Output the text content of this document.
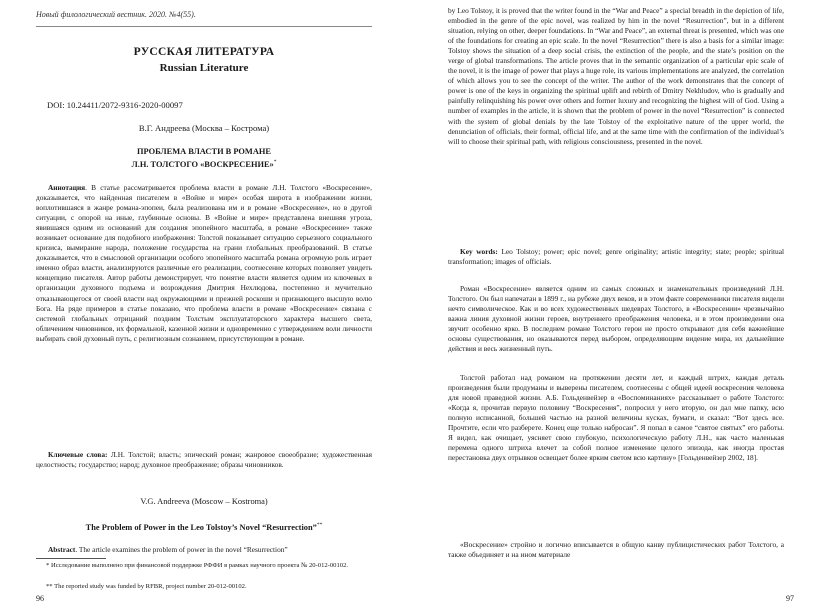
Новый филологический вестник. 2020. №4(55).
РУССКАЯ ЛИТЕРАТУРА
Russian Literature
DOI: 10.24411/2072-9316-2020-00097
В.Г. Андреева (Москва – Кострома)
ПРОБЛЕМА ВЛАСТИ В РОМАНЕ
Л.Н. ТОЛСТОГО «ВОСКРЕСЕНИЕ»*

Аннотация. В статье рассматривается проблема власти в романе Л.Н. Толстого «Воскресение», доказывается, что найденная писателем в «Войне и мире» особая широта в изображении жизни, воплотившаяся в жанре романа-эпопеи, была реализована им и в романе «Воскресение», но в другой ситуации, с опорой на иные, глубинные основы. В «Войне и мире» представлена внешняя угроза, явившаяся одним из оснований для создания эпопейного масштаба, в романе «Воскресение» также возникает основание для подобного изображения: Толстой показывает ситуацию серьезного социального кризиса, вымирание народа, положение государства на грани глобальных преобразований. В статье доказывается, что в смысловой организации особого эпопейного масштаба романа огромную роль играет именно образ власти, анализируются различные его реализации, соотнесение которых позволяет увидеть концепцию писателя. Автор работы демонстрирует, что понятие власти является одним из ключевых в организации духовного подъема и возрождения Дмитрия Нехлюдова, постепенно и мучительно отказывающегося от своей власти над окружающими и прежней роскоши и признающего высшую волю Бога. На ряде примеров в статье показано, что проблема власти в романе «Воскресение» связана с системой глобальных отрицаний поздним Толстым эксплуататорского характера высшего света, обличением чиновников, их формальной, казенной жизни и одновременно с утверждением воли личности выбирать свой духовный путь, с религиозным сознанием, присутствующим в романе.

Ключевые слова: Л.Н. Толстой; власть; эпический роман; жанровое своеобразие; художественная целостность; государство; народ; духовное преображение; образы чиновников.

V.G. Andreeva (Moscow – Kostroma)
The Problem of Power in the Leo Tolstoy’s Novel “Resurrection”**

Abstract. The article examines the problem of power in the novel “Resurrection”

* Исследование выполнено при финансовой поддержке РФФИ в рамках научного проекта № 20-012-00102.

** The reported study was funded by RFBR, project number 20-012-00102.

96

by Leo Tolstoy, it is proved that the writer found in the “War and Peace” a special breadth in the depiction of life, embodied in the genre of the epic novel, was realized by him in the novel “Resurrection”, but in a different situation, relying on other, deeper foundations. In “War and Peace”, an external threat is presented, which was one of the foundations for creating an epic scale. In the novel “Resurrection” there is also a basis for a similar image: Tolstoy shows the situation of a deep social crisis, the extinction of the people, and the state’s position on the verge of global transformations. The article proves that in the semantic organization of a particular epic scale of the novel, it is the image of power that plays a huge role, its various implementations are analyzed, the correlation of which allows you to see the concept of the writer. The author of the work demonstrates that the concept of power is one of the keys in organizing the spiritual uplift and rebirth of Dmitry Nekhludov, who is gradually and painfully relinquishing his power over others and former luxury and recognizing the highest will of God. Using a number of examples in the article, it is shown that the problem of power in the novel “Resurrection” is connected with the system of global denials by the late Tolstoy of the exploitative nature of the upper world, the denunciation of officials, their formal, official life, and at the same time with the confirmation of the individual’s will to choose their spiritual path, with religious consciousness, presented in the novel.

Key words: Leo Tolstoy; power; epic novel; genre originality; artistic integrity; state; people; spiritual transformation; images of officials.

Роман «Воскресение» является одним из самых сложных и знаменательных произведений Л.Н. Толстого. Он был напечатан в 1899 г., на рубеже двух веков, и в этом факте современники писателя видели нечто символическое. Как и во всех художественных шедеврах Толстого, в «Воскресении» чрезвычайно важна линия духовной жизни героев, внутреннего преображения человека, и в этом произведении она звучит особенно ярко. В последнем романе Толстого герои не просто открывают для себя важнейшие основы существования, но оказываются перед выбором, определяющим видение мира, их дальнейшие действия и весь жизненный путь.

Толстой работал над романом на протяжении десяти лет, и каждый штрих, каждая деталь произведения были продуманы и выверены писателем, соотнесены с общей идеей воскресения человека для новой праведной жизни. А.Б. Гольденвейзер в «Воспоминаниях» рассказывает о работе Толстого: «Когда я, прочитав первую половину “Воскресения”, попросил у него вторую, он дал мне папку, всю полную исписанной, большей частью на разной величины кусках, бумаги, и сказал: “Вот здесь все. Прочтите, если что разберете. Конец еще только набросан”. Я попал в самое “святое святых” его работы. Я видел, как очищает, уясняет свою глубокую, психологическую работу Л.Н., как часто маленькая перемена одного штриха влечет за собой полное изменение целого эпизода, как иногда простая перестановка двух отрывков освещает более ярким светом всю картину» [Гольденвейзер 2002, 18].

«Воскресение» стройно и логично вписывается в общую канву публицистических работ Толстого, а также объединяет и на ином материале

97
